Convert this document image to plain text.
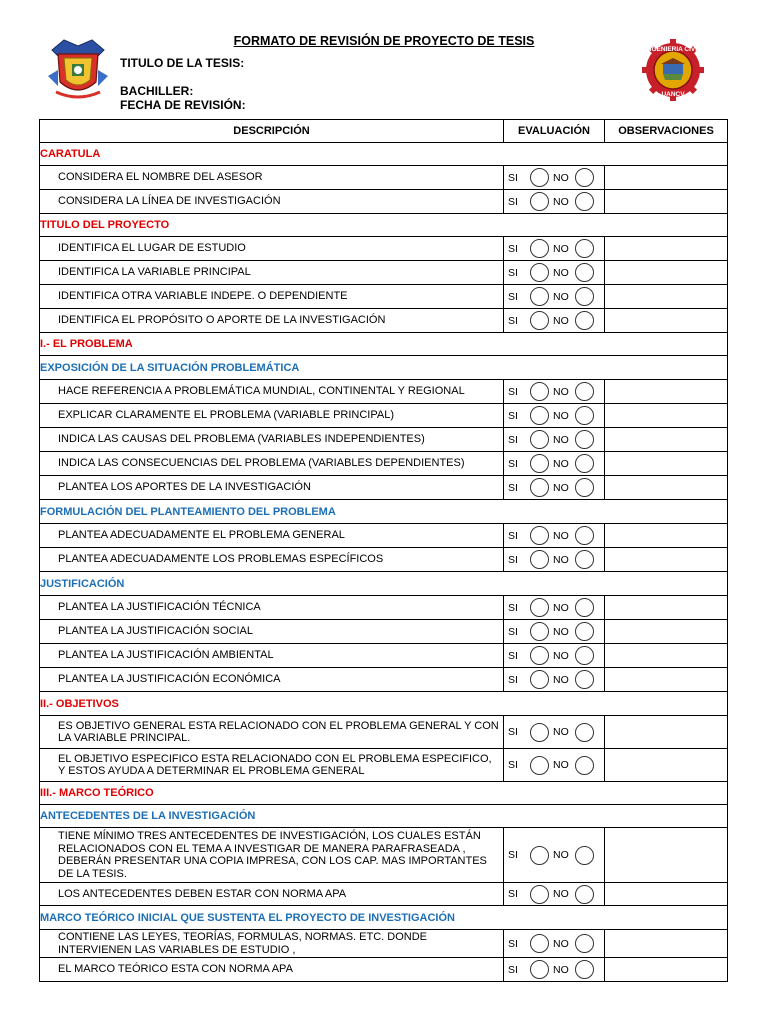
INGENIERIA CIVIL
UANCV
FORMATO DE REVISIÓN DE PROYECTO DE TESIS
TITULO DE LA TESIS:
BACHILLER:
FECHA DE REVISIÓN:
DESCRIPCIÓN	EVALUACIÓN	OBSERVACIONES
CARATULA		
CONSIDERA EL NOMBRE DEL ASESOR	SI NO	

CONSIDERA LA LÍNEA DE INVESTIGACIÓN	SI NO	

TITULO DEL PROYECTO		
IDENTIFICA EL LUGAR DE ESTUDIO	SI NO	

IDENTIFICA LA VARIABLE PRINCIPAL	SI NO	

IDENTIFICA OTRA VARIABLE INDEPE. O DEPENDIENTE	SI NO	

IDENTIFICA EL PROPÓSITO O APORTE DE LA INVESTIGACIÓN	SI NO	

I.- EL PROBLEMA		
EXPOSICIÓN DE LA SITUACIÓN PROBLEMÁTICA		
HACE REFERENCIA A PROBLEMÁTICA MUNDIAL, CONTINENTAL Y REGIONAL	SI NO	

EXPLICAR CLARAMENTE EL PROBLEMA (VARIABLE PRINCIPAL)	SI NO	

INDICA LAS CAUSAS DEL PROBLEMA (VARIABLES INDEPENDIENTES)	SI NO	

INDICA LAS CONSECUENCIAS DEL PROBLEMA (VARIABLES DEPENDIENTES)	SI NO	

PLANTEA LOS APORTES DE LA INVESTIGACIÓN	SI NO	

FORMULACIÓN DEL PLANTEAMIENTO DEL PROBLEMA		
PLANTEA ADECUADAMENTE EL PROBLEMA GENERAL	SI NO	

PLANTEA ADECUADAMENTE LOS PROBLEMAS ESPECÍFICOS	SI NO	

JUSTIFICACIÓN		
PLANTEA LA JUSTIFICACIÓN TÉCNICA	SI NO	

PLANTEA LA JUSTIFICACIÓN SOCIAL	SI NO	

PLANTEA LA JUSTIFICACIÓN AMBIENTAL	SI NO	

PLANTEA LA JUSTIFICACIÓN ECONÓMICA	SI NO	

II.- OBJETIVOS		
ES OBJETIVO GENERAL ESTA RELACIONADO CON EL PROBLEMA GENERAL Y CON LA VARIABLE PRINCIPAL.	SI NO	

EL OBJETIVO ESPECIFICO ESTA RELACIONADO CON EL PROBLEMA ESPECIFICO, Y ESTOS AYUDA A DETERMINAR EL PROBLEMA GENERAL	SI NO	

III.- MARCO TEÓRICO		
ANTECEDENTES DE LA INVESTIGACIÓN		
TIENE MÍNIMO TRES ANTECEDENTES DE INVESTIGACIÓN, LOS CUALES ESTÁN RELACIONADOS CON EL TEMA A INVESTIGAR DE MANERA PARAFRASEADA , DEBERÁN PRESENTAR UNA COPIA IMPRESA, CON LOS CAP. MAS IMPORTANTES DE LA TESIS.	SI NO	

LOS ANTECEDENTES DEBEN ESTAR CON NORMA APA	SI NO	

MARCO TEÓRICO INICIAL QUE SUSTENTA EL PROYECTO DE INVESTIGACIÓN		
CONTIENE LAS LEYES, TEORÍAS, FORMULAS, NORMAS. ETC. DONDE INTERVIENEN LAS VARIABLES DE ESTUDIO ,	SI NO	

EL MARCO TEÓRICO ESTA CON NORMA APA	SI NO	
